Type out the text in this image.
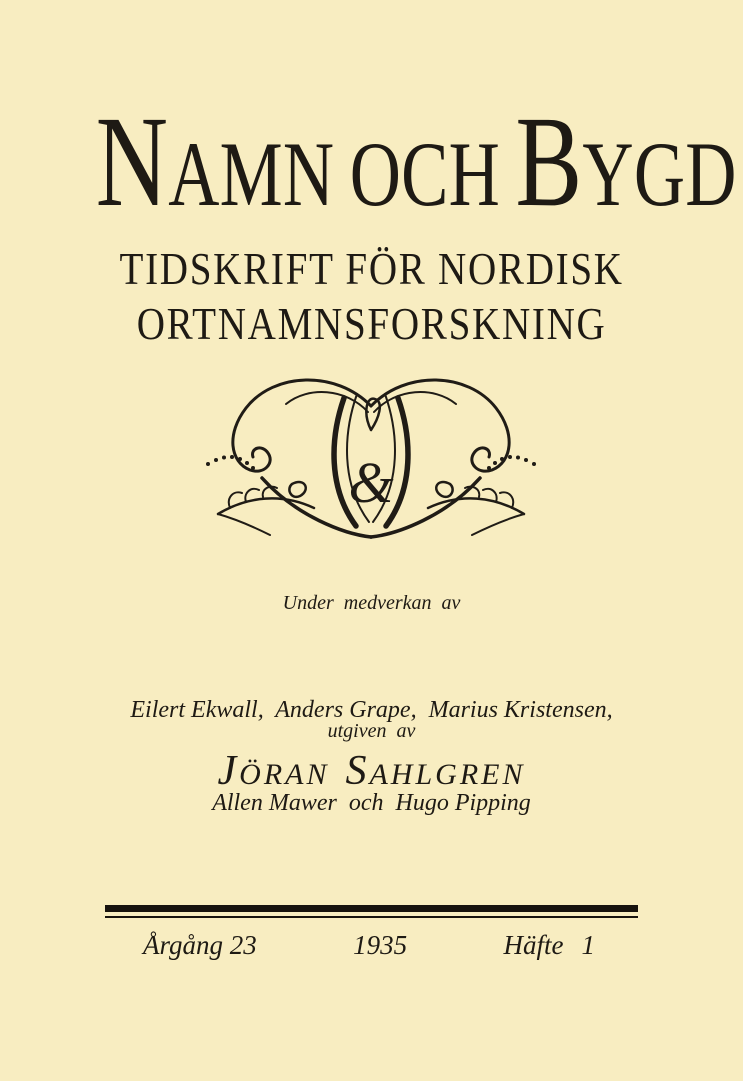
NAMN OCH BYGD
TIDSKRIFT FÖR NORDISK
ORTNAMNSFORSKNING
&
Under medverkan av

Eilert Ekwall,  Anders Grape,  Marius Kristensen,

Allen Mawer  och  Hugo Pipping

utgiven av
JÖRAN SAHLGREN
Årgång 23	1935	Häfte 1
